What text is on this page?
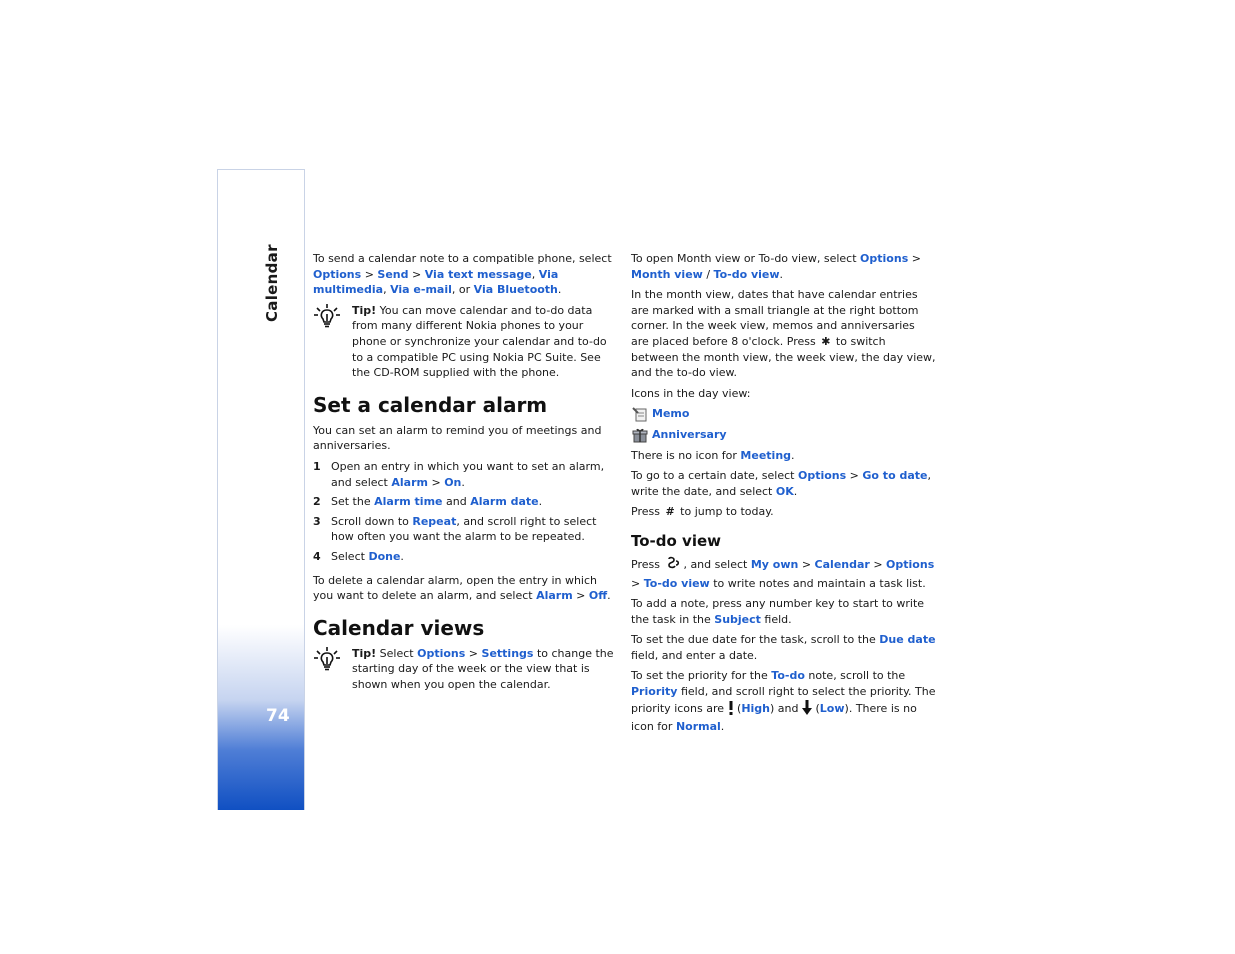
Calendar
74

To send a calendar note to a compatible phone, select Options > Send > Via text message, Via multimedia, Via e-mail, or Via Bluetooth.

Tip! You can move calendar and to-do data from many different Nokia phones to your phone or synchronize your calendar and to-do to a compatible PC using Nokia PC Suite. See the CD-ROM supplied with the phone.
Set a calendar alarm

You can set an alarm to remind you of meetings and anniversaries.

1 Open an entry in which you want to set an alarm, and select Alarm > On.
2 Set the Alarm time and Alarm date.
3 Scroll down to Repeat, and scroll right to select how often you want the alarm to be repeated.
4 Select Done.

To delete a calendar alarm, open the entry in which you want to delete an alarm, and select Alarm > Off.

Calendar views
Tip! Select Options > Settings to change the starting day of the week or the view that is shown when you open the calendar.

To open Month view or To-do view, select Options > Month view / To-do view.

In the month view, dates that have calendar entries are marked with a small triangle at the right bottom corner. In the week view, memos and anniversaries are placed before 8 o'clock. Press ✱ to switch between the month view, the week view, the day view, and the to-do view.

Icons in the day view:

Memo
Anniversary

There is no icon for Meeting.

To go to a certain date, select Options > Go to date, write the date, and select OK.

Press # to jump to today.

To-do view

Press , and select My own > Calendar > Options > To-do view to write notes and maintain a task list.

To add a note, press any number key to start to write the task in the Subject field.

To set the due date for the task, scroll to the Due date field, and enter a date.

To set the priority for the To-do note, scroll to the Priority field, and scroll right to select the priority. The priority icons are  (High) and  (Low). There is no icon for Normal.
